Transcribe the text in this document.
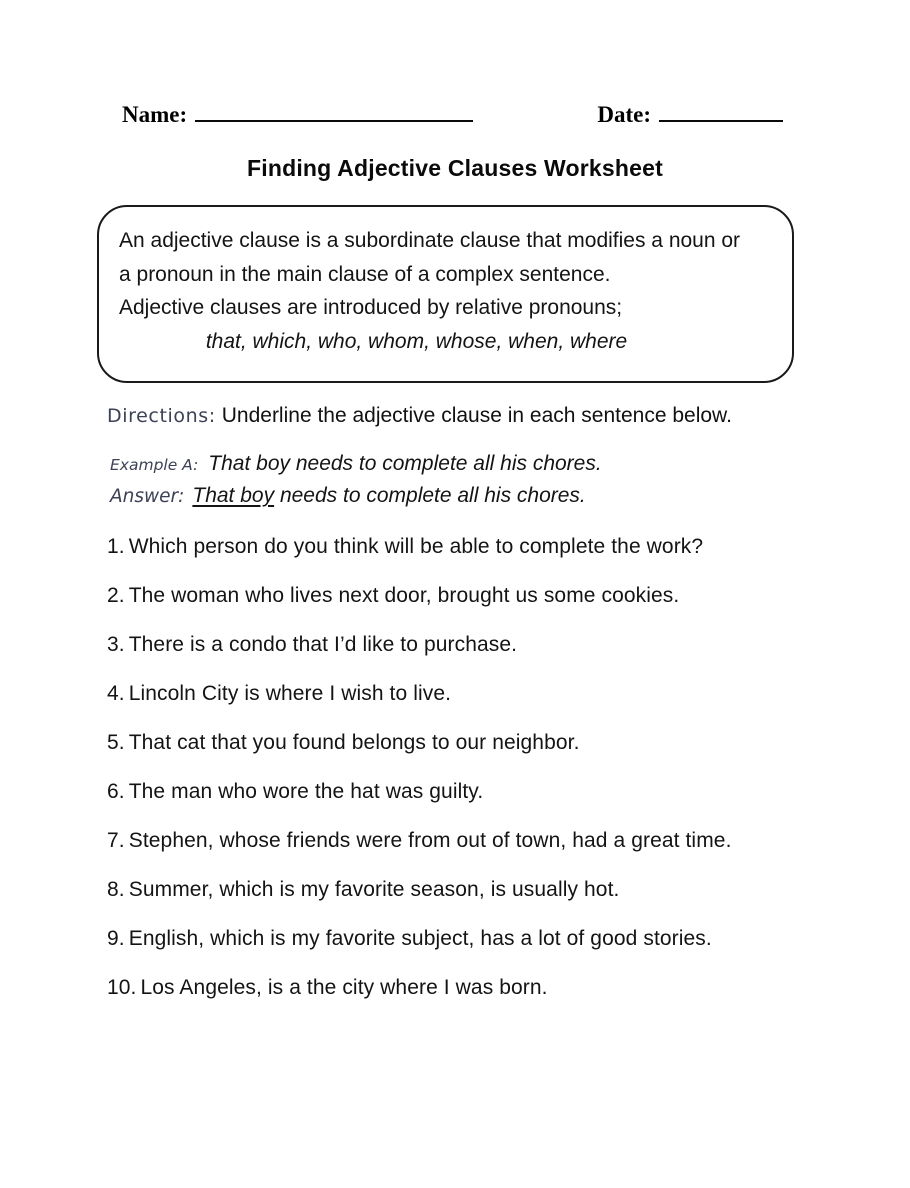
Name:	Date:
Finding Adjective Clauses Worksheet
An adjective clause is a subordinate clause that modifies a noun or
a pronoun in the main clause of a complex sentence.
Adjective clauses are introduced by relative pronouns;
that, which, who, whom, whose, when, where
Directions: Underline the adjective clause in each sentence below.
Example A: That boy needs to complete all his chores.
Answer: That boy needs to complete all his chores.
1. Which person do you think will be able to complete the work?
2. The woman who lives next door, brought us some cookies.
3. There is a condo that I’d like to purchase.
4. Lincoln City is where I wish to live.
5. That cat that you found belongs to our neighbor.
6. The man who wore the hat was guilty.
7. Stephen, whose friends were from out of town, had a great time.
8. Summer, which is my favorite season, is usually hot.
9. English, which is my favorite subject, has a lot of good stories.
10. Los Angeles, is a the city where I was born.
